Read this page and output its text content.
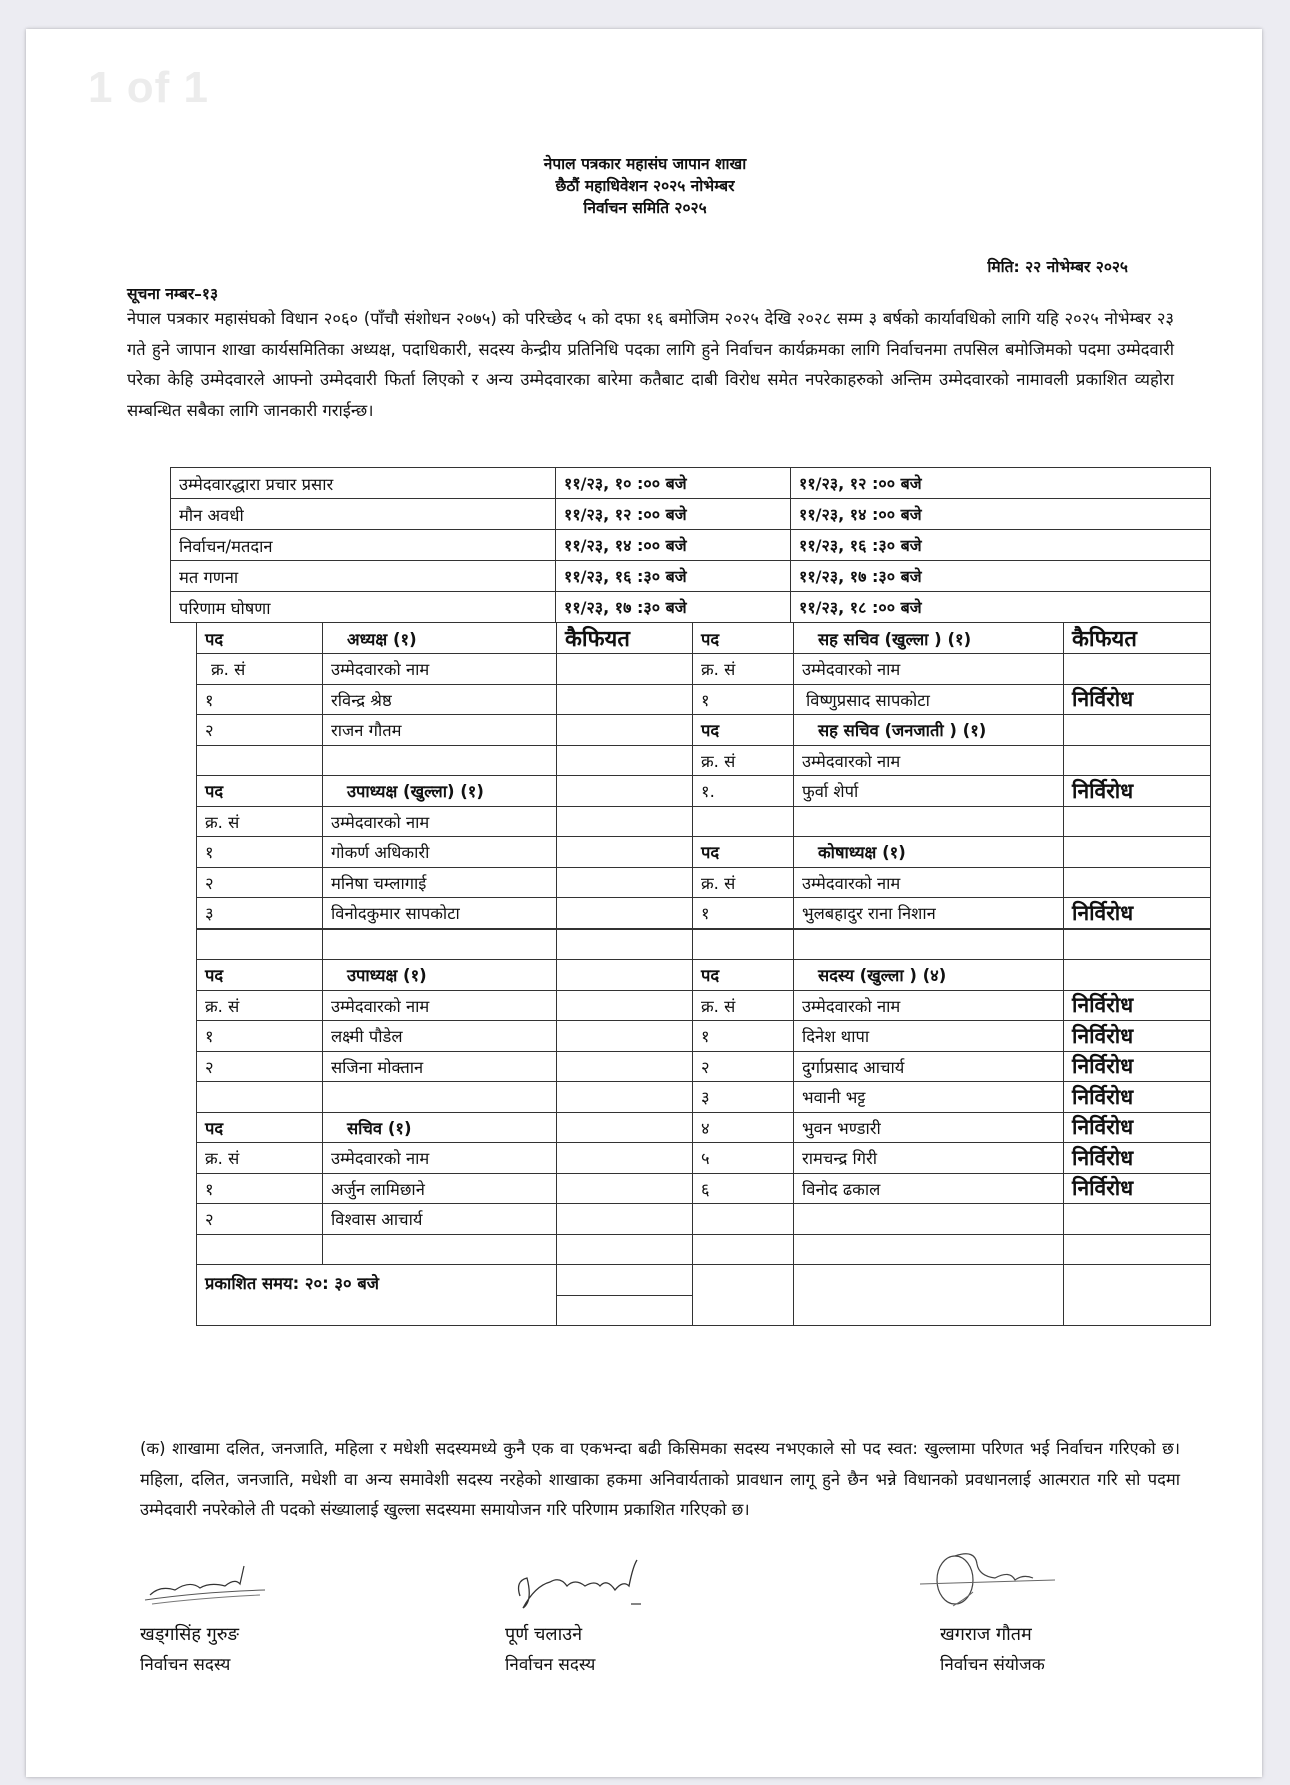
1 of 1
नेपाल पत्रकार महासंघ जापान शाखा
छैठौं महाधिवेशन २०२५ नोभेम्बर
निर्वाचन समिति २०२५
मिति: २२ नोभेम्बर २०२५
सूचना नम्बर–१३
नेपाल पत्रकार महासंघको विधान २०६० (पाँचौ संशोधन २०७५) को परिच्छेद ५ को दफा १६ बमोजिम २०२५ देखि २०२८ सम्म ३ बर्षको कार्यावधिको लागि यहि २०२५ नोभेम्बर २३ गते हुने जापान शाखा कार्यसमितिका अध्यक्ष, पदाधिकारी, सदस्य केन्द्रीय प्रतिनिधि पदका लागि हुने निर्वाचन कार्यक्रमका लागि निर्वाचनमा तपसिल बमोजिमको पदमा उम्मेदवारी परेका केहि उम्मेदवारले आफ्नो उम्मेदवारी फिर्ता लिएको र अन्य उम्मेदवारका बारेमा कतैबाट दाबी विरोध समेत नपरेकाहरुको अन्तिम उम्मेदवारको नामावली प्रकाशित व्यहोरा सम्बन्धित सबैका लागि जानकारी गराईन्छ।
उम्मेदवारद्धारा प्रचार प्रसार	११/२३, १० :०० बजे	११/२३, १२ :०० बजे
मौन अवधी	११/२३, १२ :०० बजे	११/२३, १४ :०० बजे
निर्वाचन/मतदान	११/२३, १४ :०० बजे	११/२३, १६ :३० बजे
मत गणना	११/२३, १६ :३० बजे	११/२३, १७ :३० बजे
परिणाम घोषणा	११/२३, १७ :३० बजे	११/२३, १८ :०० बजे
पद	अध्यक्ष (१)	कैफियत	पद	सह सचिव (खुल्ला ) (१)	कैफियत
क्र. सं	उम्मेदवारको नाम		क्र. सं	उम्मेदवारको नाम	
१	रविन्द्र श्रेष्ठ		१	विष्णुप्रसाद सापकोटा	निर्विरोध
२	राजन गौतम		पद	सह सचिव (जनजाती ) (१)	
			क्र. सं	उम्मेदवारको नाम	
पद	उपाध्यक्ष (खुल्ला) (१)		१.	फुर्वा शेर्पा	निर्विरोध
क्र. सं	उम्मेदवारको नाम				
१	गोकर्ण अधिकारी		पद	कोषाध्यक्ष (१)	
२	मनिषा चम्लागाई		क्र. सं	उम्मेदवारको नाम	
३	विनोदकुमार सापकोटा		१	भुलबहादुर राना निशान	निर्विरोध

पद	उपाध्यक्ष (१)		पद	सदस्य (खुल्ला ) (४)	
क्र. सं	उम्मेदवारको नाम		क्र. सं	उम्मेदवारको नाम	निर्विरोध
१	लक्ष्मी पौडेल		१	दिनेश थापा	निर्विरोध
२	सजिना मोक्तान		२	दुर्गाप्रसाद आचार्य	निर्विरोध
			३	भवानी भट्ट	निर्विरोध
पद	सचिव (१)		४	भुवन भण्डारी	निर्विरोध
क्र. सं	उम्मेदवारको नाम		५	रामचन्द्र गिरी	निर्विरोध
१	अर्जुन लामिछाने		६	विनोद ढकाल	निर्विरोध
२	विश्वास आचार्य				

प्रकाशित समय: २०: ३० बजे					

(क) शाखामा दलित, जनजाति, महिला र मधेशी सदस्यमध्ये कुनै एक वा एकभन्दा बढी किसिमका सदस्य नभएकाले सो पद स्वत: खुल्लामा परिणत भई निर्वाचन गरिएको छ। महिला, दलित, जनजाति, मधेशी वा अन्य समावेशी सदस्य नरहेको शाखाका हकमा अनिवार्यताको प्रावधान लागू हुने छैन भन्ने विधानको प्रवधानलाई आत्मरात गरि सो पदमा उम्मेदवारी नपरेकोले ती पदको संख्यालाई खुल्ला सदस्यमा समायोजन गरि परिणाम प्रकाशित गरिएको छ।
खड्गसिंह गुरुङ
निर्वाचन सदस्य
पूर्ण चलाउने
निर्वाचन सदस्य
खगराज गौतम
निर्वाचन संयोजक
